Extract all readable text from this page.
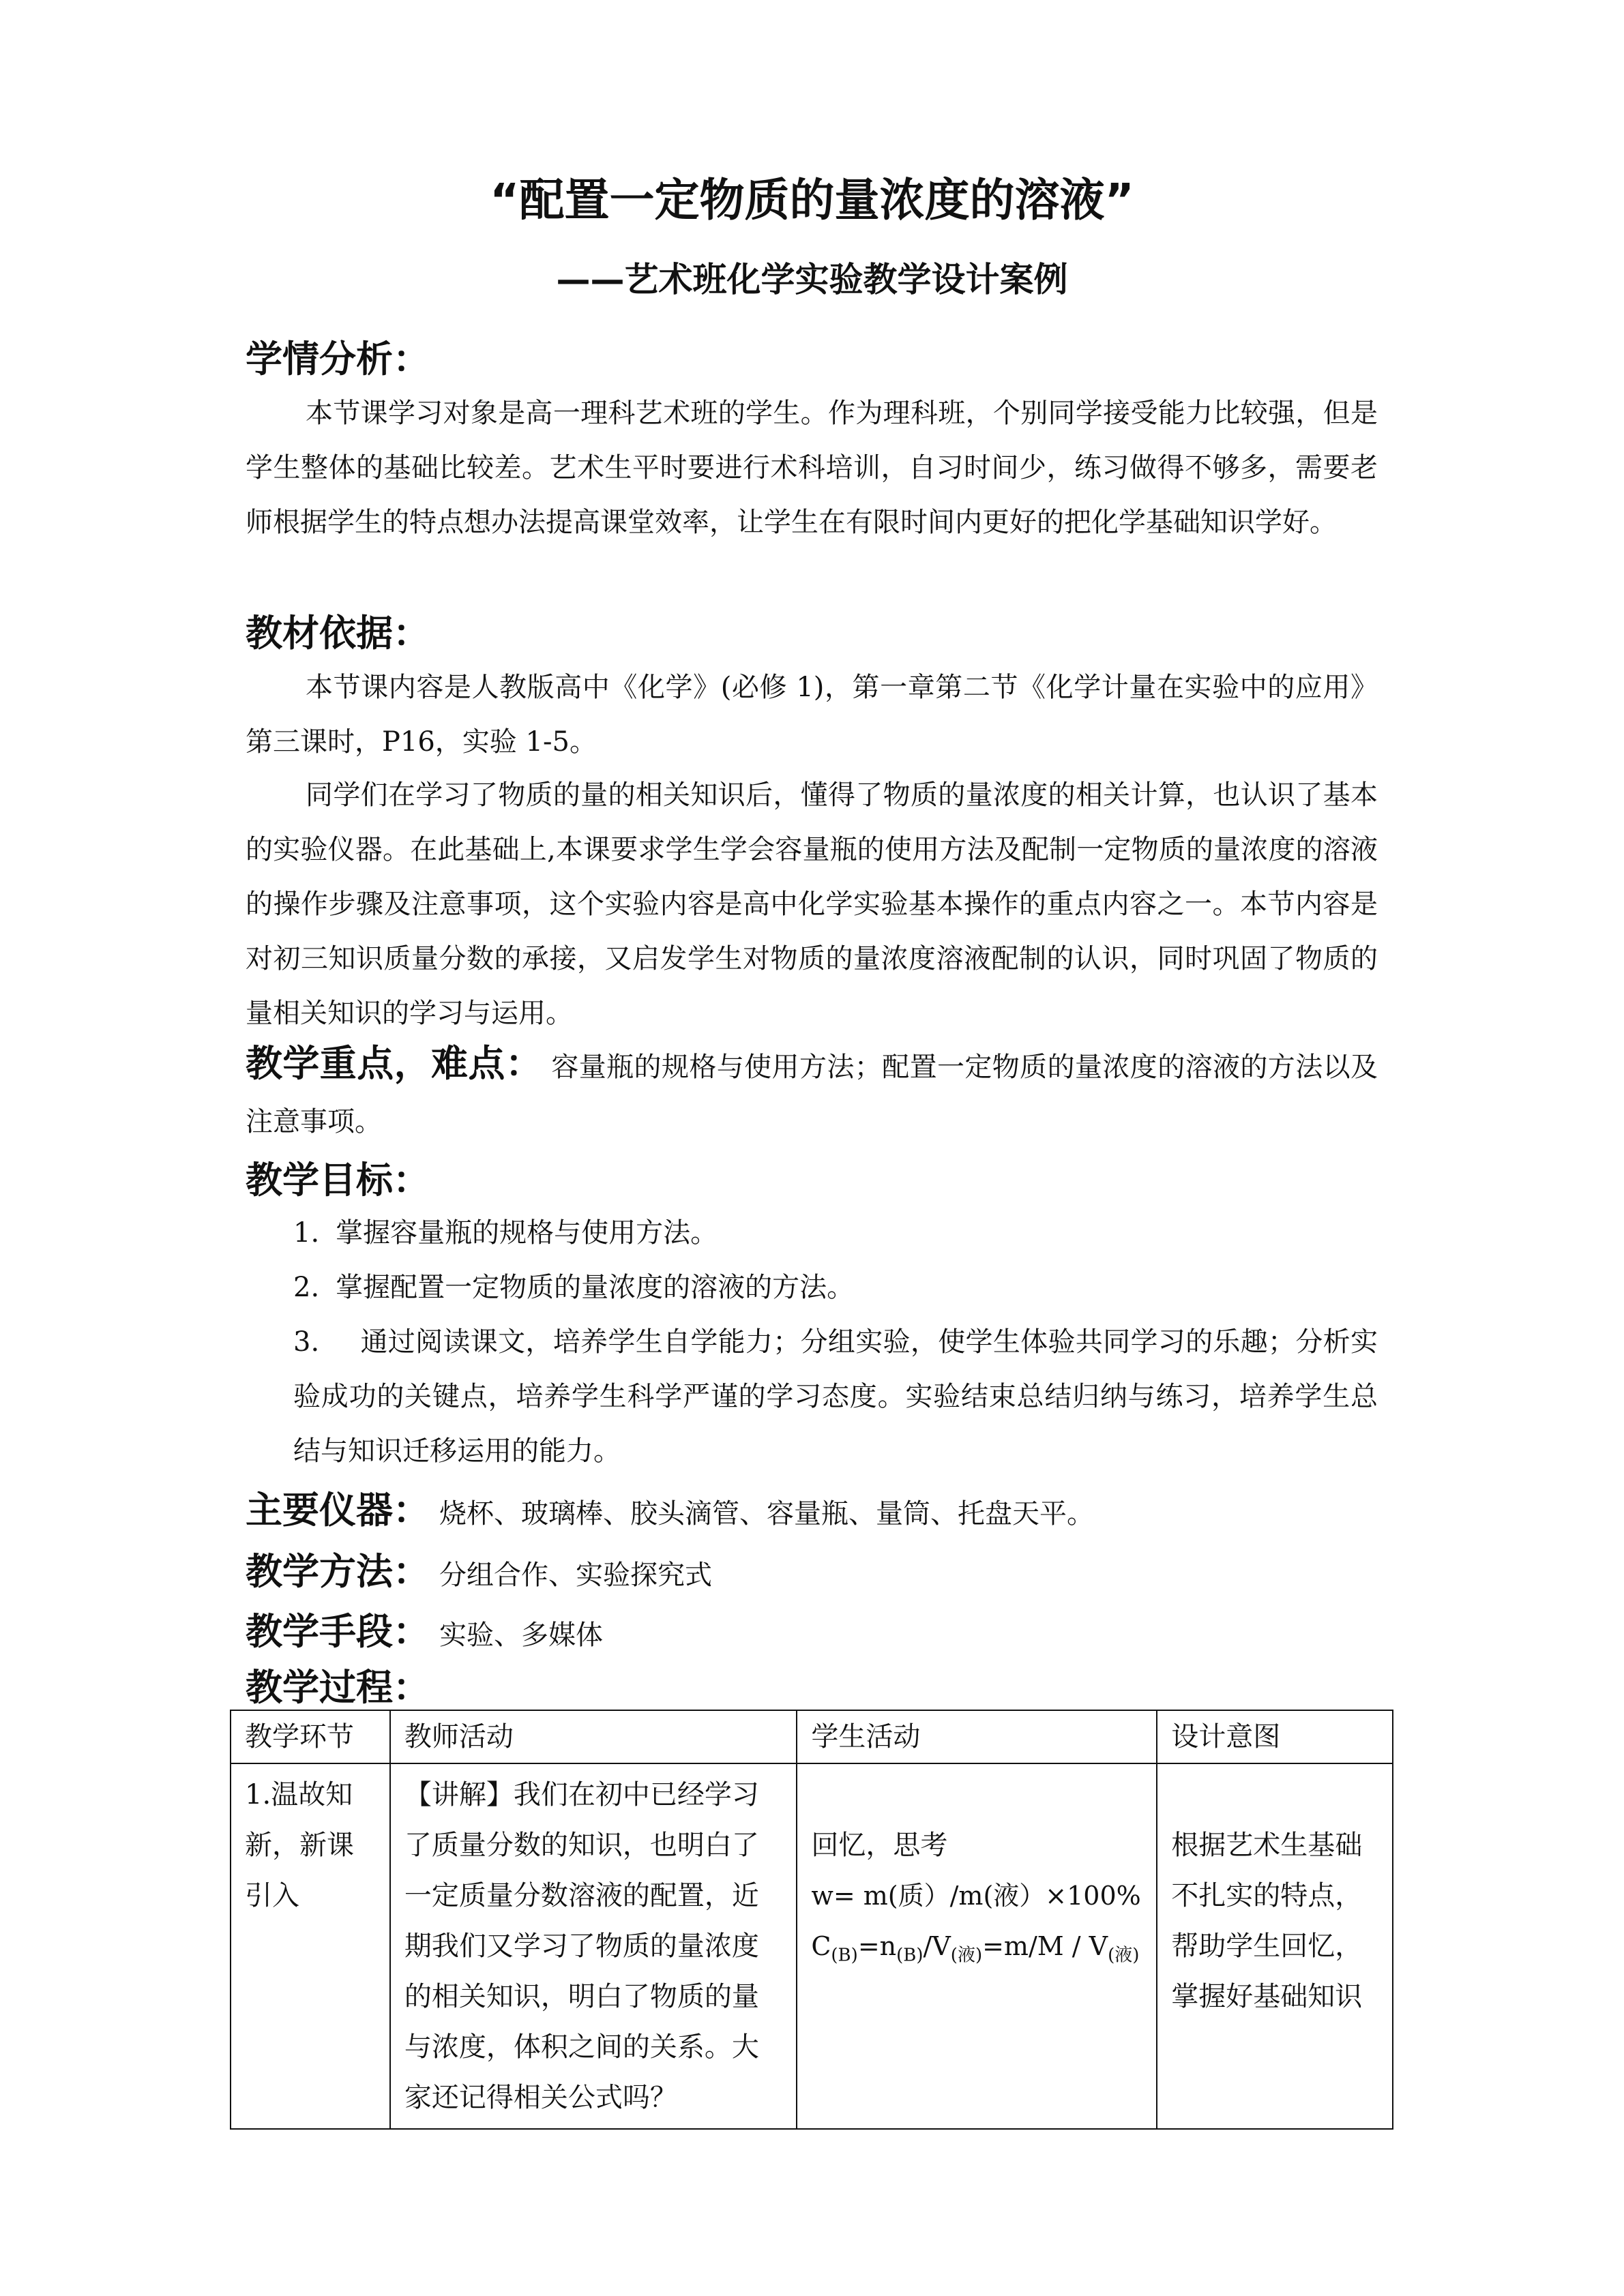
“配置一定物质的量浓度的溶液”
——艺术班化学实验教学设计案例
学情分析：
本节课学习对象是高一理科艺术班的学生。作为理科班，个别同学接受能力比较强，但是学生整体的基础比较差。艺术生平时要进行术科培训，自习时间少，练习做得不够多，需要老师根据学生的特点想办法提高课堂效率，让学生在有限时间内更好的把化学基础知识学好。
教材依据：
本节课内容是人教版高中《化学》(必修 1)，第一章第二节《化学计量在实验中的应用》第三课时，P16，实验 1-5。
同学们在学习了物质的量的相关知识后，懂得了物质的量浓度的相关计算，也认识了基本的实验仪器。在此基础上,本课要求学生学会容量瓶的使用方法及配制一定物质的量浓度的溶液的操作步骤及注意事项，这个实验内容是高中化学实验基本操作的重点内容之一。本节内容是对初三知识质量分数的承接，又启发学生对物质的量浓度溶液配制的认识，同时巩固了物质的量相关知识的学习与运用。
教学重点，难点： 容量瓶的规格与使用方法；配置一定物质的量浓度的溶液的方法以及注意事项。
教学目标：
1. 掌握容量瓶的规格与使用方法。
2. 掌握配置一定物质的量浓度的溶液的方法。
3. 通过阅读课文，培养学生自学能力；分组实验，使学生体验共同学习的乐趣；分析实验成功的关键点，培养学生科学严谨的学习态度。实验结束总结归纳与练习，培养学生总结与知识迁移运用的能力。
主要仪器： 烧杯、玻璃棒、胶头滴管、容量瓶、量筒、托盘天平。
教学方法： 分组合作、实验探究式
教学手段： 实验、多媒体
教学过程：
教学环节	教师活动	学生活动	设计意图
1.温故知新，新课引入	【讲解】我们在初中已经学习了质量分数的知识，也明白了一定质量分数溶液的配置，近期我们又学习了物质的量浓度的相关知识，明白了物质的量与浓度，体积之间的关系。大家还记得相关公式吗？	回忆，思考
w= m(质）/m(液）×100%
$C_{(B)}=n_{(B)}/V_{(液)}=m/M / V_{(液)}$	根据艺术生基础不扎实的特点，帮助学生回忆，掌握好基础知识
